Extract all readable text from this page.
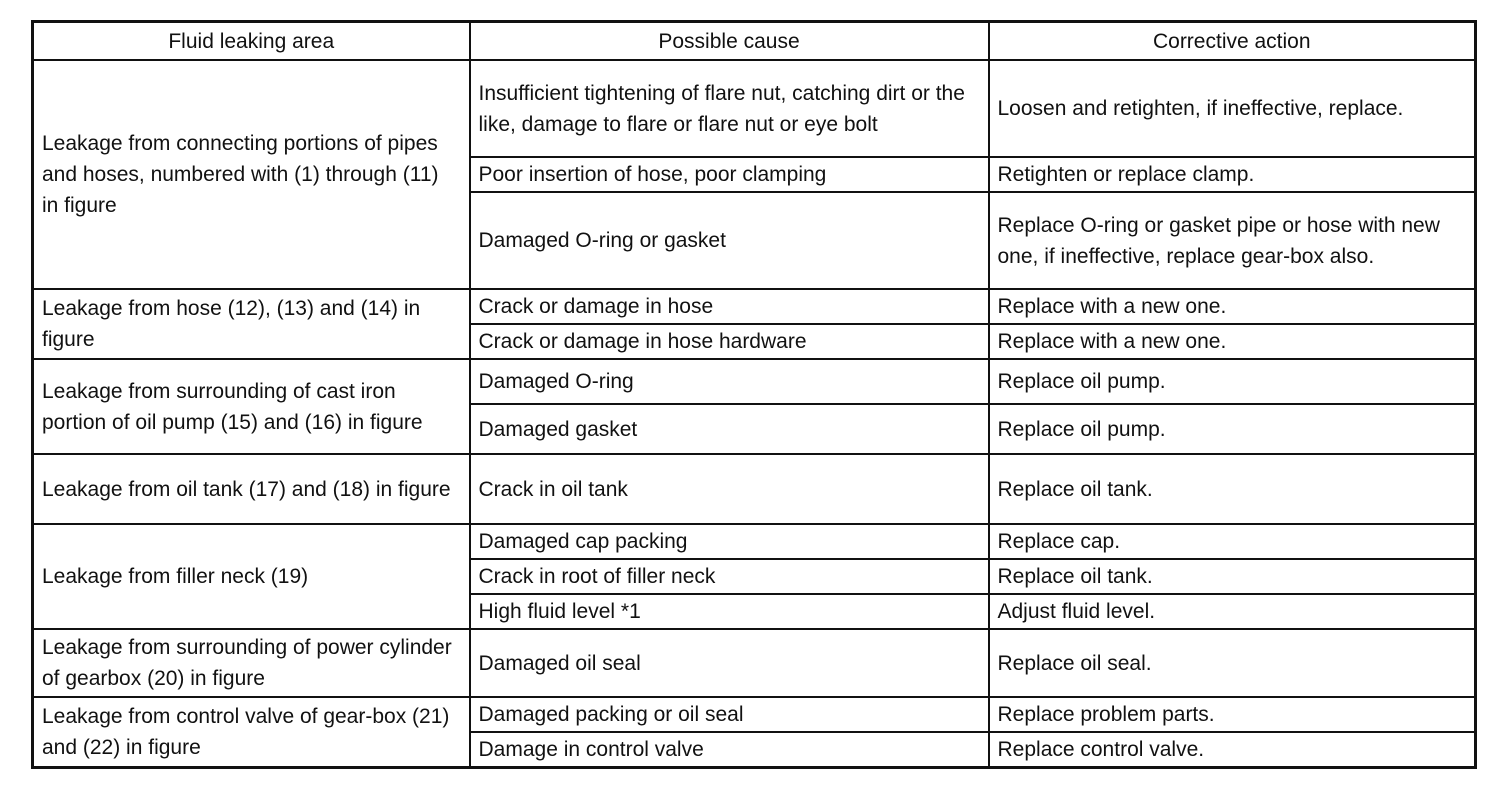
Fluid leaking area	Possible cause	Corrective action
Leakage from connecting portions of pipes and hoses, numbered with (1) through (11) in figure	Insufficient tightening of flare nut, catching dirt or the like, damage to flare or flare nut or eye bolt	Loosen and retighten, if ineffective, replace.
	Poor insertion of hose, poor clamping	Retighten or replace clamp.
	Damaged O-ring or gasket	Replace O-ring or gasket pipe or hose with new one, if ineffective, replace gear-box also.
Leakage from hose (12), (13) and (14) in figure	Crack or damage in hose	Replace with a new one.
	Crack or damage in hose hardware	Replace with a new one.
Leakage from surrounding of cast iron portion of oil pump (15) and (16) in figure	Damaged O-ring	Replace oil pump.
	Damaged gasket	Replace oil pump.
Leakage from oil tank (17) and (18) in figure	Crack in oil tank	Replace oil tank.
Leakage from filler neck (19)	Damaged cap packing	Replace cap.
	Crack in root of filler neck	Replace oil tank.
	High fluid level *1	Adjust fluid level.
Leakage from surrounding of power cylinder of gearbox (20) in figure	Damaged oil seal	Replace oil seal.
Leakage from control valve of gear-box (21) and (22) in figure	Damaged packing or oil seal	Replace problem parts.
	Damage in control valve	Replace control valve.
